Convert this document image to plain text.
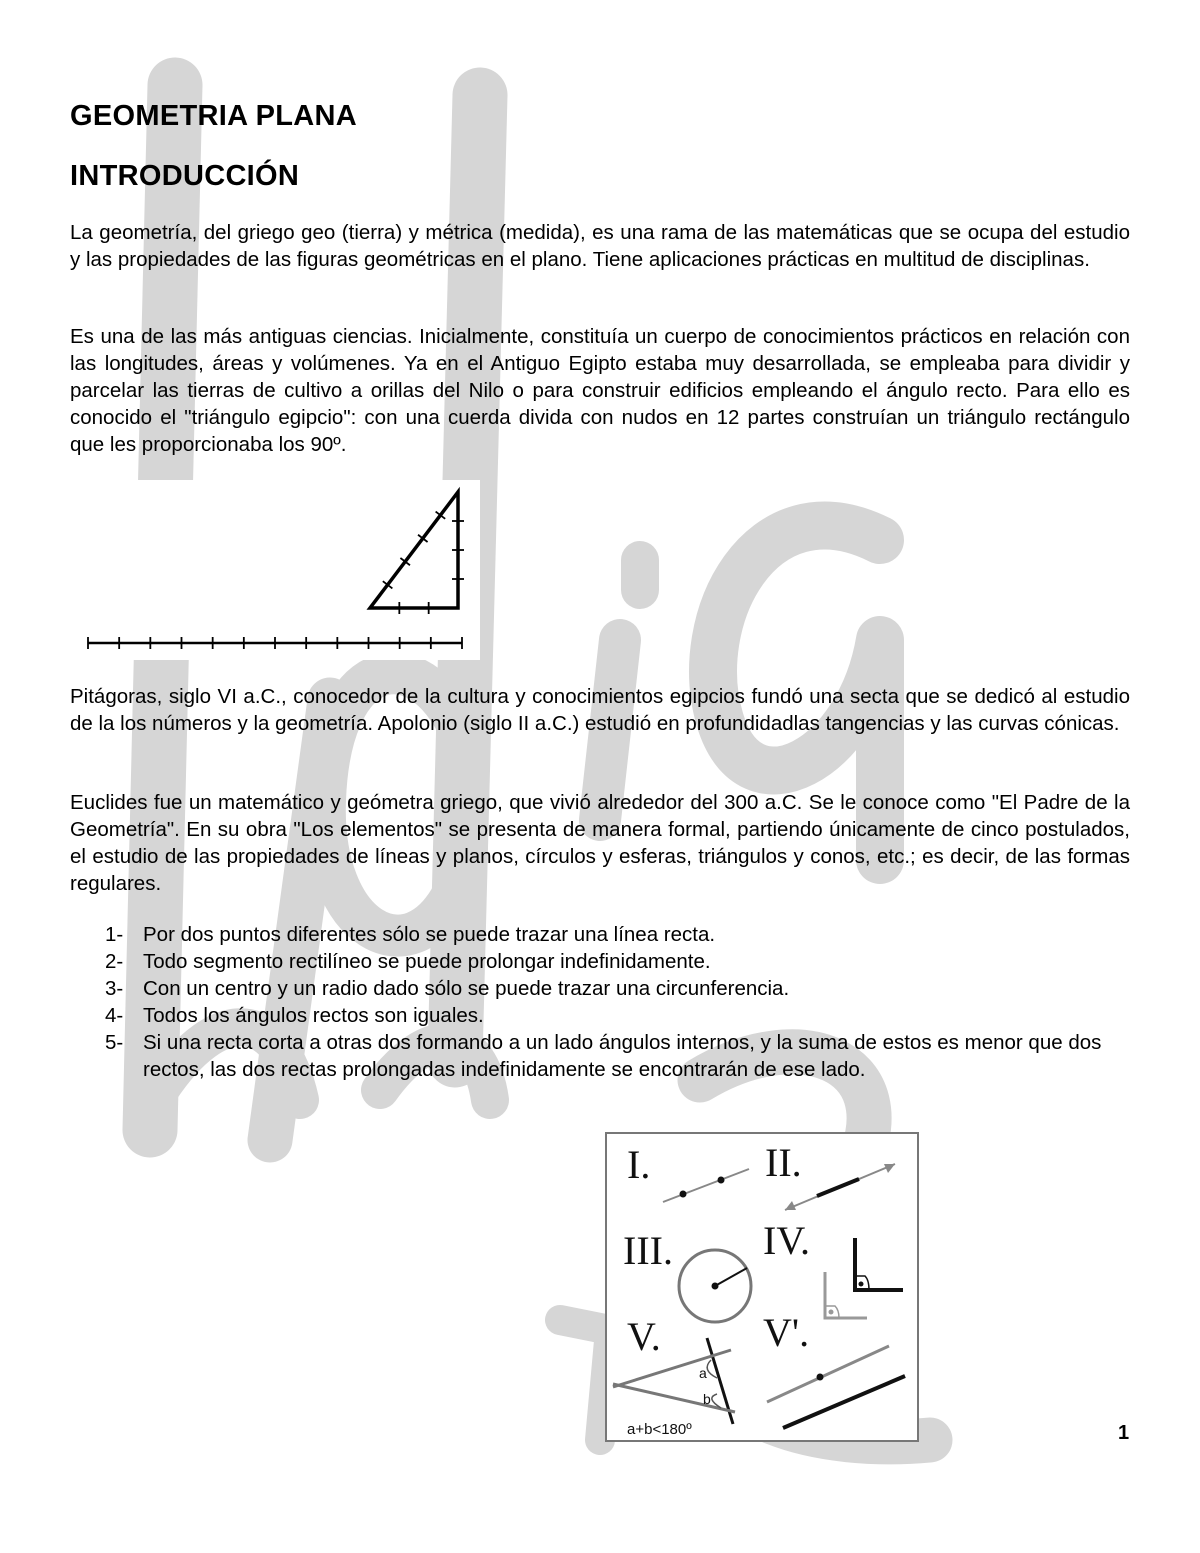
GEOMETRIA PLANA
INTRODUCCIÓN

La geometría, del griego geo (tierra) y métrica (medida), es una rama de las matemáticas que se ocupa del estudio y las propiedades de las figuras geométricas en el plano. Tiene aplicaciones prácticas en multitud de disciplinas.

Es una de las más antiguas ciencias. Inicialmente, constituía un cuerpo de conocimientos prácticos en relación con las longitudes, áreas y volúmenes. Ya en el Antiguo Egipto estaba muy desarrollada, se empleaba para dividir y parcelar las tierras de cultivo a orillas del Nilo o para construir edificios empleando el ángulo recto. Para ello es conocido el "triángulo egipcio": con una cuerda divida con nudos en 12 partes construían un triángulo rectángulo que les proporcionaba los 90º.

Pitágoras, siglo VI a.C., conocedor de la cultura y conocimientos egipcios fundó una secta que se dedicó al estudio de la los números y la geometría. Apolonio (siglo II a.C.) estudió en profundidadlas tangencias y las curvas cónicas.

Euclides fue un matemático y geómetra griego, que vivió alrededor del 300 a.C. Se le conoce como "El Padre de la Geometría". En su obra "Los elementos" se presenta de manera formal, partiendo únicamente de cinco postulados, el estudio de las propiedades de líneas y planos, círculos y esferas, triángulos y conos, etc.; es decir, de las formas regulares.

1- Por dos puntos diferentes sólo se puede trazar una línea recta.
2- Todo segmento rectilíneo se puede prolongar indefinidamente.
3- Con un centro y un radio dado sólo se puede trazar una circunferencia.
4- Todos los ángulos rectos son iguales.
5- Si una recta corta a otras dos formando a un lado ángulos internos, y la suma de estos es menor que dos rectos, las dos rectas prolongadas indefinidamente se encontrarán de ese lado.
I.	II.
III. IV.
V.	V'.
a
b
a+b<180º	1
